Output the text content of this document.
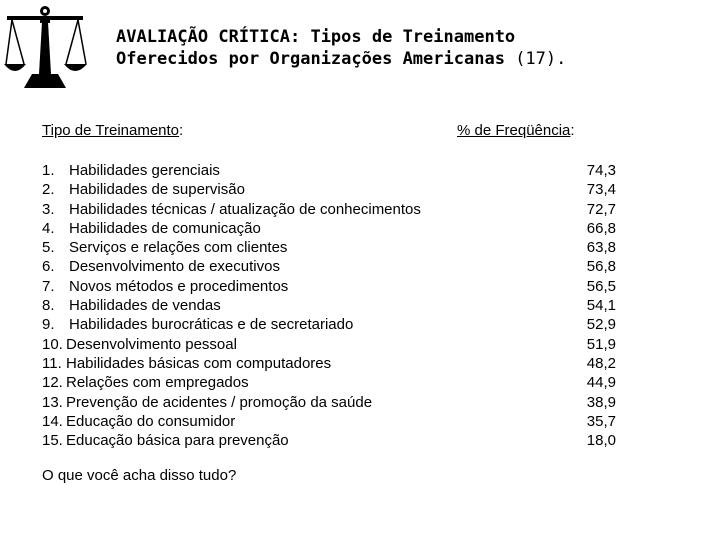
AVALIAÇÃO CRÍTICA: Tipos de Treinamento
Oferecidos por Organizações Americanas (17).
Tipo de Treinamento:	% de Freqüência:
1. Habilidades gerenciais	74,3
2. Habilidades de supervisão	73,4
3. Habilidades técnicas / atualização de conhecimentos	72,7
4. Habilidades de comunicação	66,8
5. Serviços e relações com clientes	63,8
6. Desenvolvimento de executivos	56,8
7. Novos métodos e procedimentos	56,5
8. Habilidades de vendas	54,1
9. Habilidades burocráticas e de secretariado	52,9
10. Desenvolvimento pessoal	51,9
11. Habilidades básicas com computadores	48,2
12. Relações com empregados	44,9
13. Prevenção de acidentes / promoção da saúde	38,9
14. Educação do consumidor	35,7
15. Educação básica para prevenção	18,0
O que você acha disso tudo?
